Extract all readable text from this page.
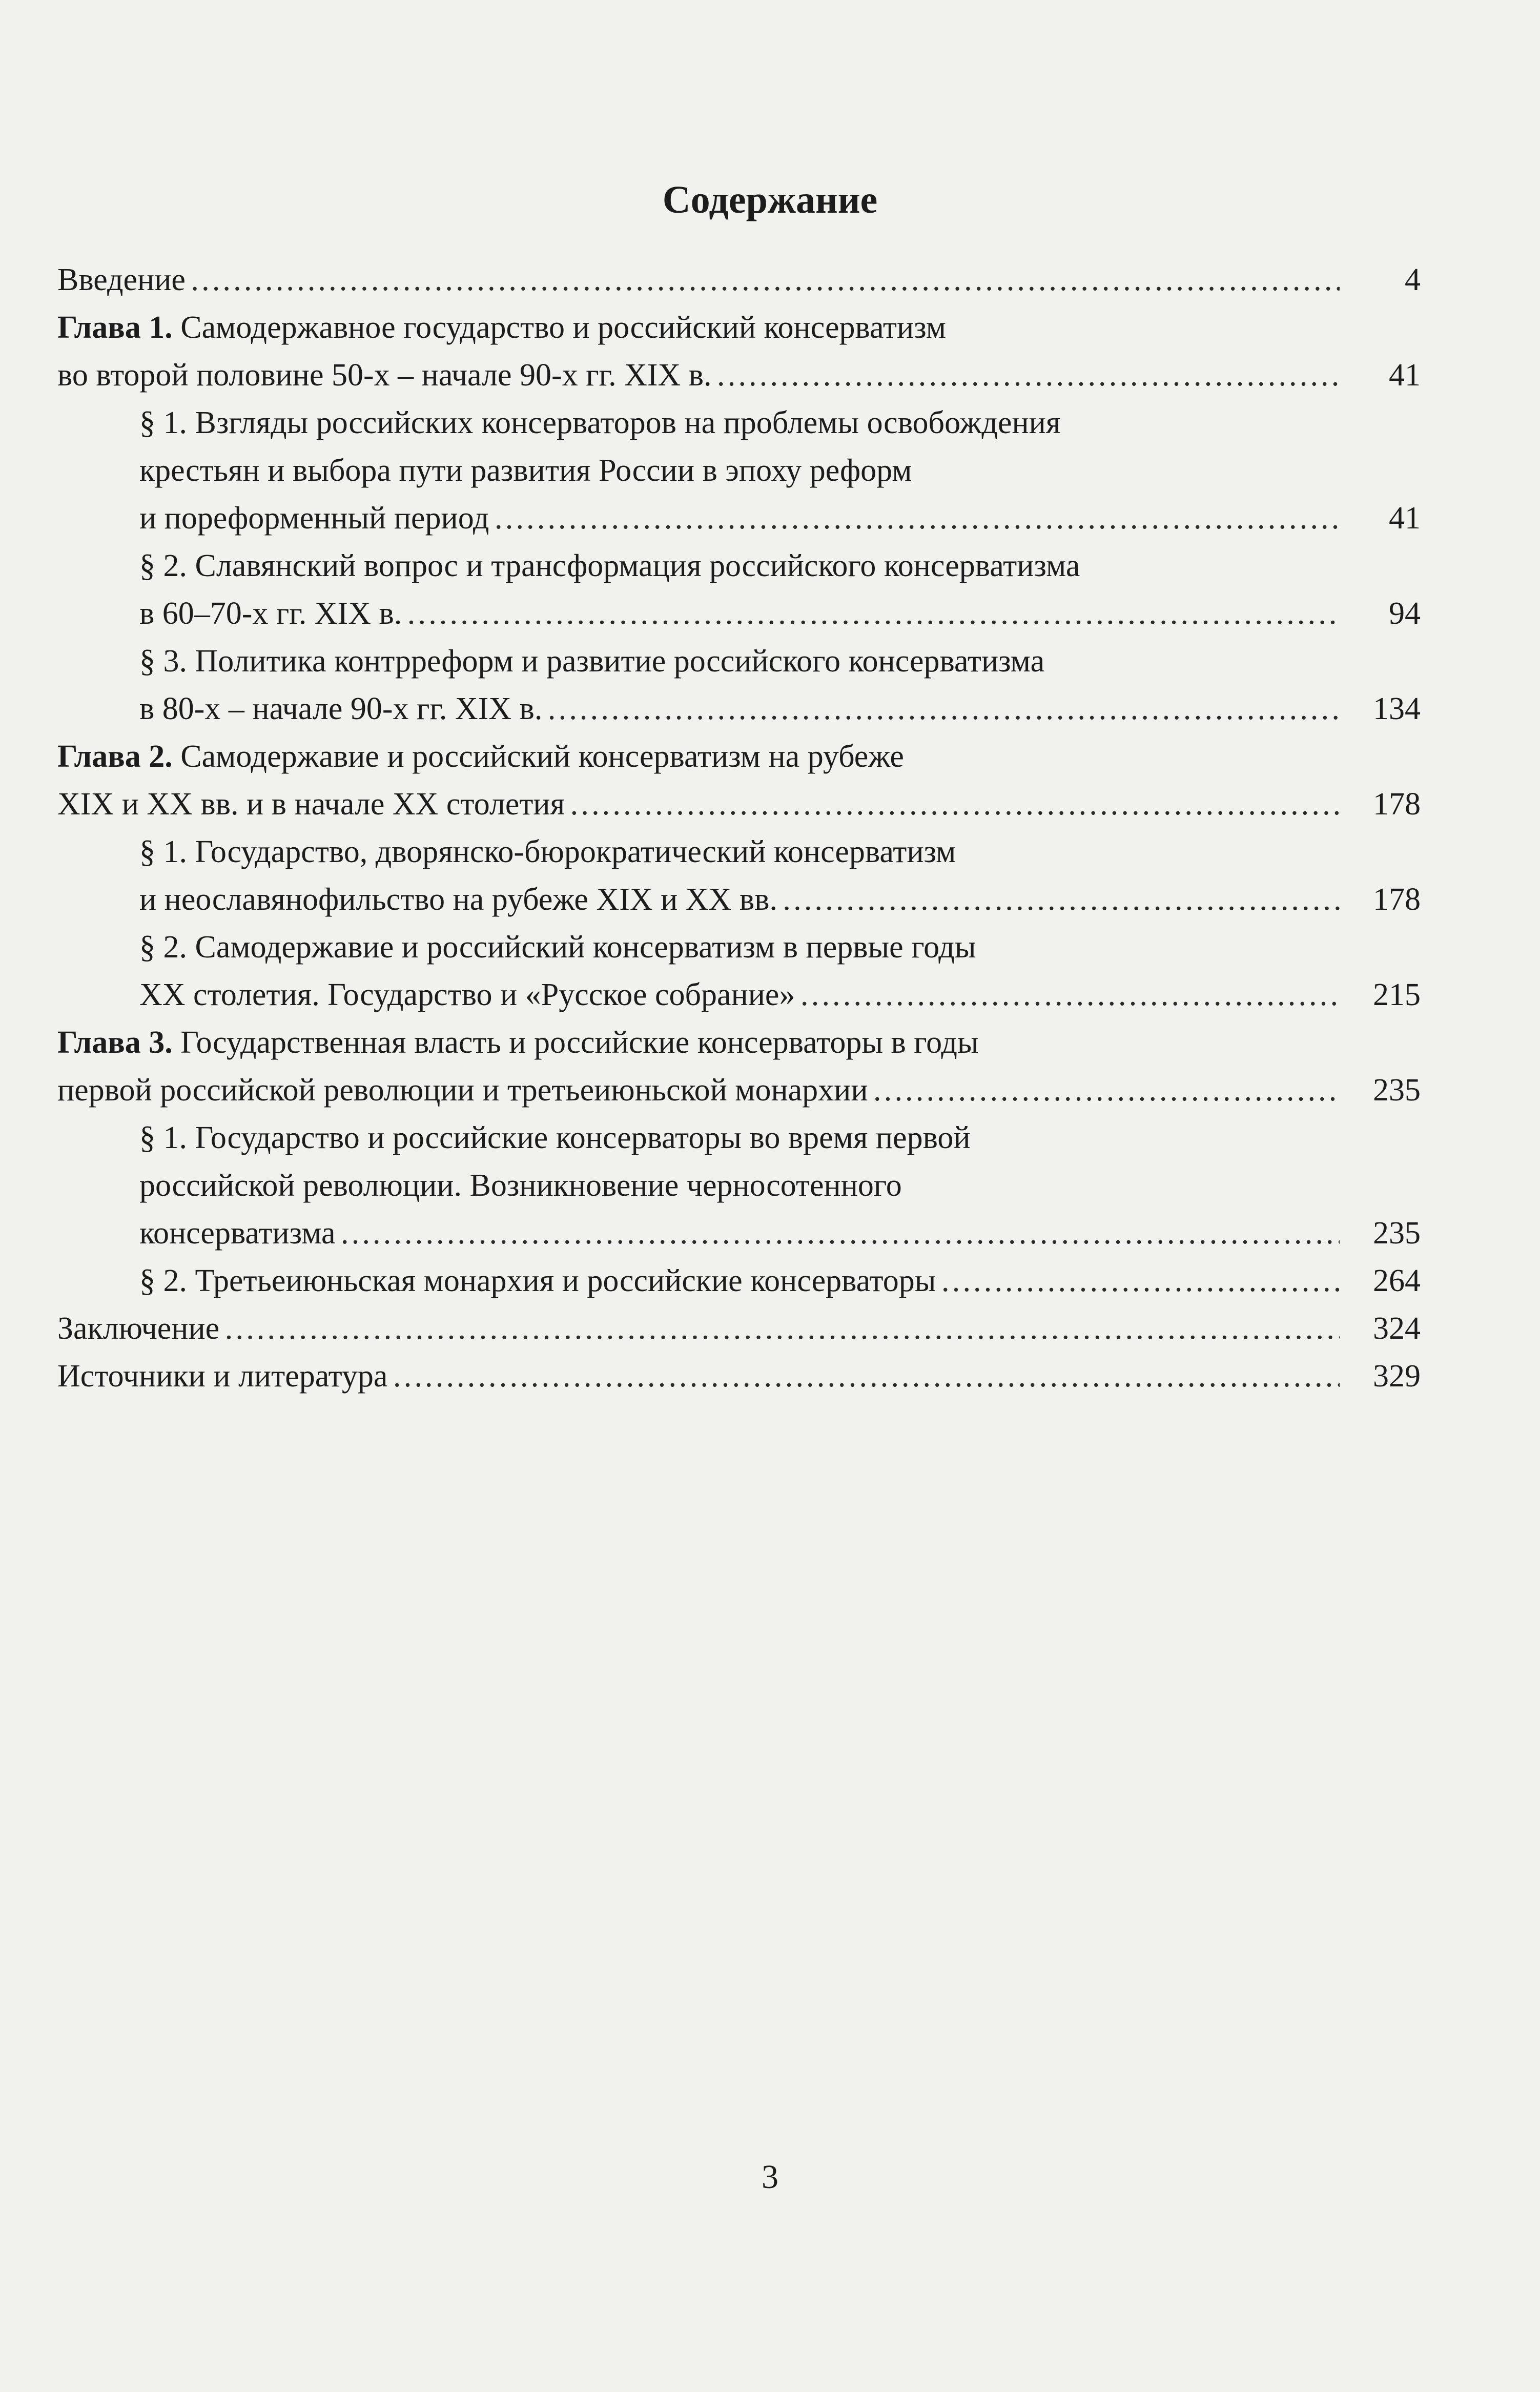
Содержание
Введение …………………………………………………………………………………………………………………………………………………………………………………………………………………………………………………………………………………………	4
Глава 1. Самодержавное государство и российский консерватизм
во второй половине 50-х – начале 90-х гг. XIX в. …………………………………………………………………………………………………………………………………………………………………………………………………………………………………………………………………………………………	41
§ 1. Взгляды российских консерваторов на проблемы освобождения
крестьян и выбора пути развития России в эпоху реформ
и пореформенный период …………………………………………………………………………………………………………………………………………………………………………………………………………………………………………………………………………………………	41
§ 2. Славянский вопрос и трансформация российского консерватизма
в 60–70-х гг. XIX в. …………………………………………………………………………………………………………………………………………………………………………………………………………………………………………………………………………………………	94
§ 3. Политика контрреформ и развитие российского консерватизма
в 80-х – начале 90-х гг. XIX в. …………………………………………………………………………………………………………………………………………………………………………………………………………………………………………………………………………………………	134
Глава 2. Самодержавие и российский консерватизм на рубеже
XIX и XX вв. и в начале XX столетия …………………………………………………………………………………………………………………………………………………………………………………………………………………………………………………………………………………………	178
§ 1. Государство, дворянско-бюрократический консерватизм
и неославянофильство на рубеже XIX и XX вв. …………………………………………………………………………………………………………………………………………………………………………………………………………………………………………………………………………………………	178
§ 2. Самодержавие и российский консерватизм в первые годы
XX столетия. Государство и «Русское собрание» …………………………………………………………………………………………………………………………………………………………………………………………………………………………………………………………………………………………	215
Глава 3. Государственная власть и российские консерваторы в годы
первой российской революции и третьеиюньской монархии …………………………………………………………………………………………………………………………………………………………………………………………………………………………………………………………………………………………	235
§ 1. Государство и российские консерваторы во время первой
российской революции. Возникновение черносотенного
консерватизма …………………………………………………………………………………………………………………………………………………………………………………………………………………………………………………………………………………………	235
§ 2. Третьеиюньская монархия и российские консерваторы …………………………………………………………………………………………………………………………………………………………………………………………………………………………………………………………………………………………	264
Заключение …………………………………………………………………………………………………………………………………………………………………………………………………………………………………………………………………………………………	324
Источники и литература …………………………………………………………………………………………………………………………………………………………………………………………………………………………………………………………………………………………	329
3
